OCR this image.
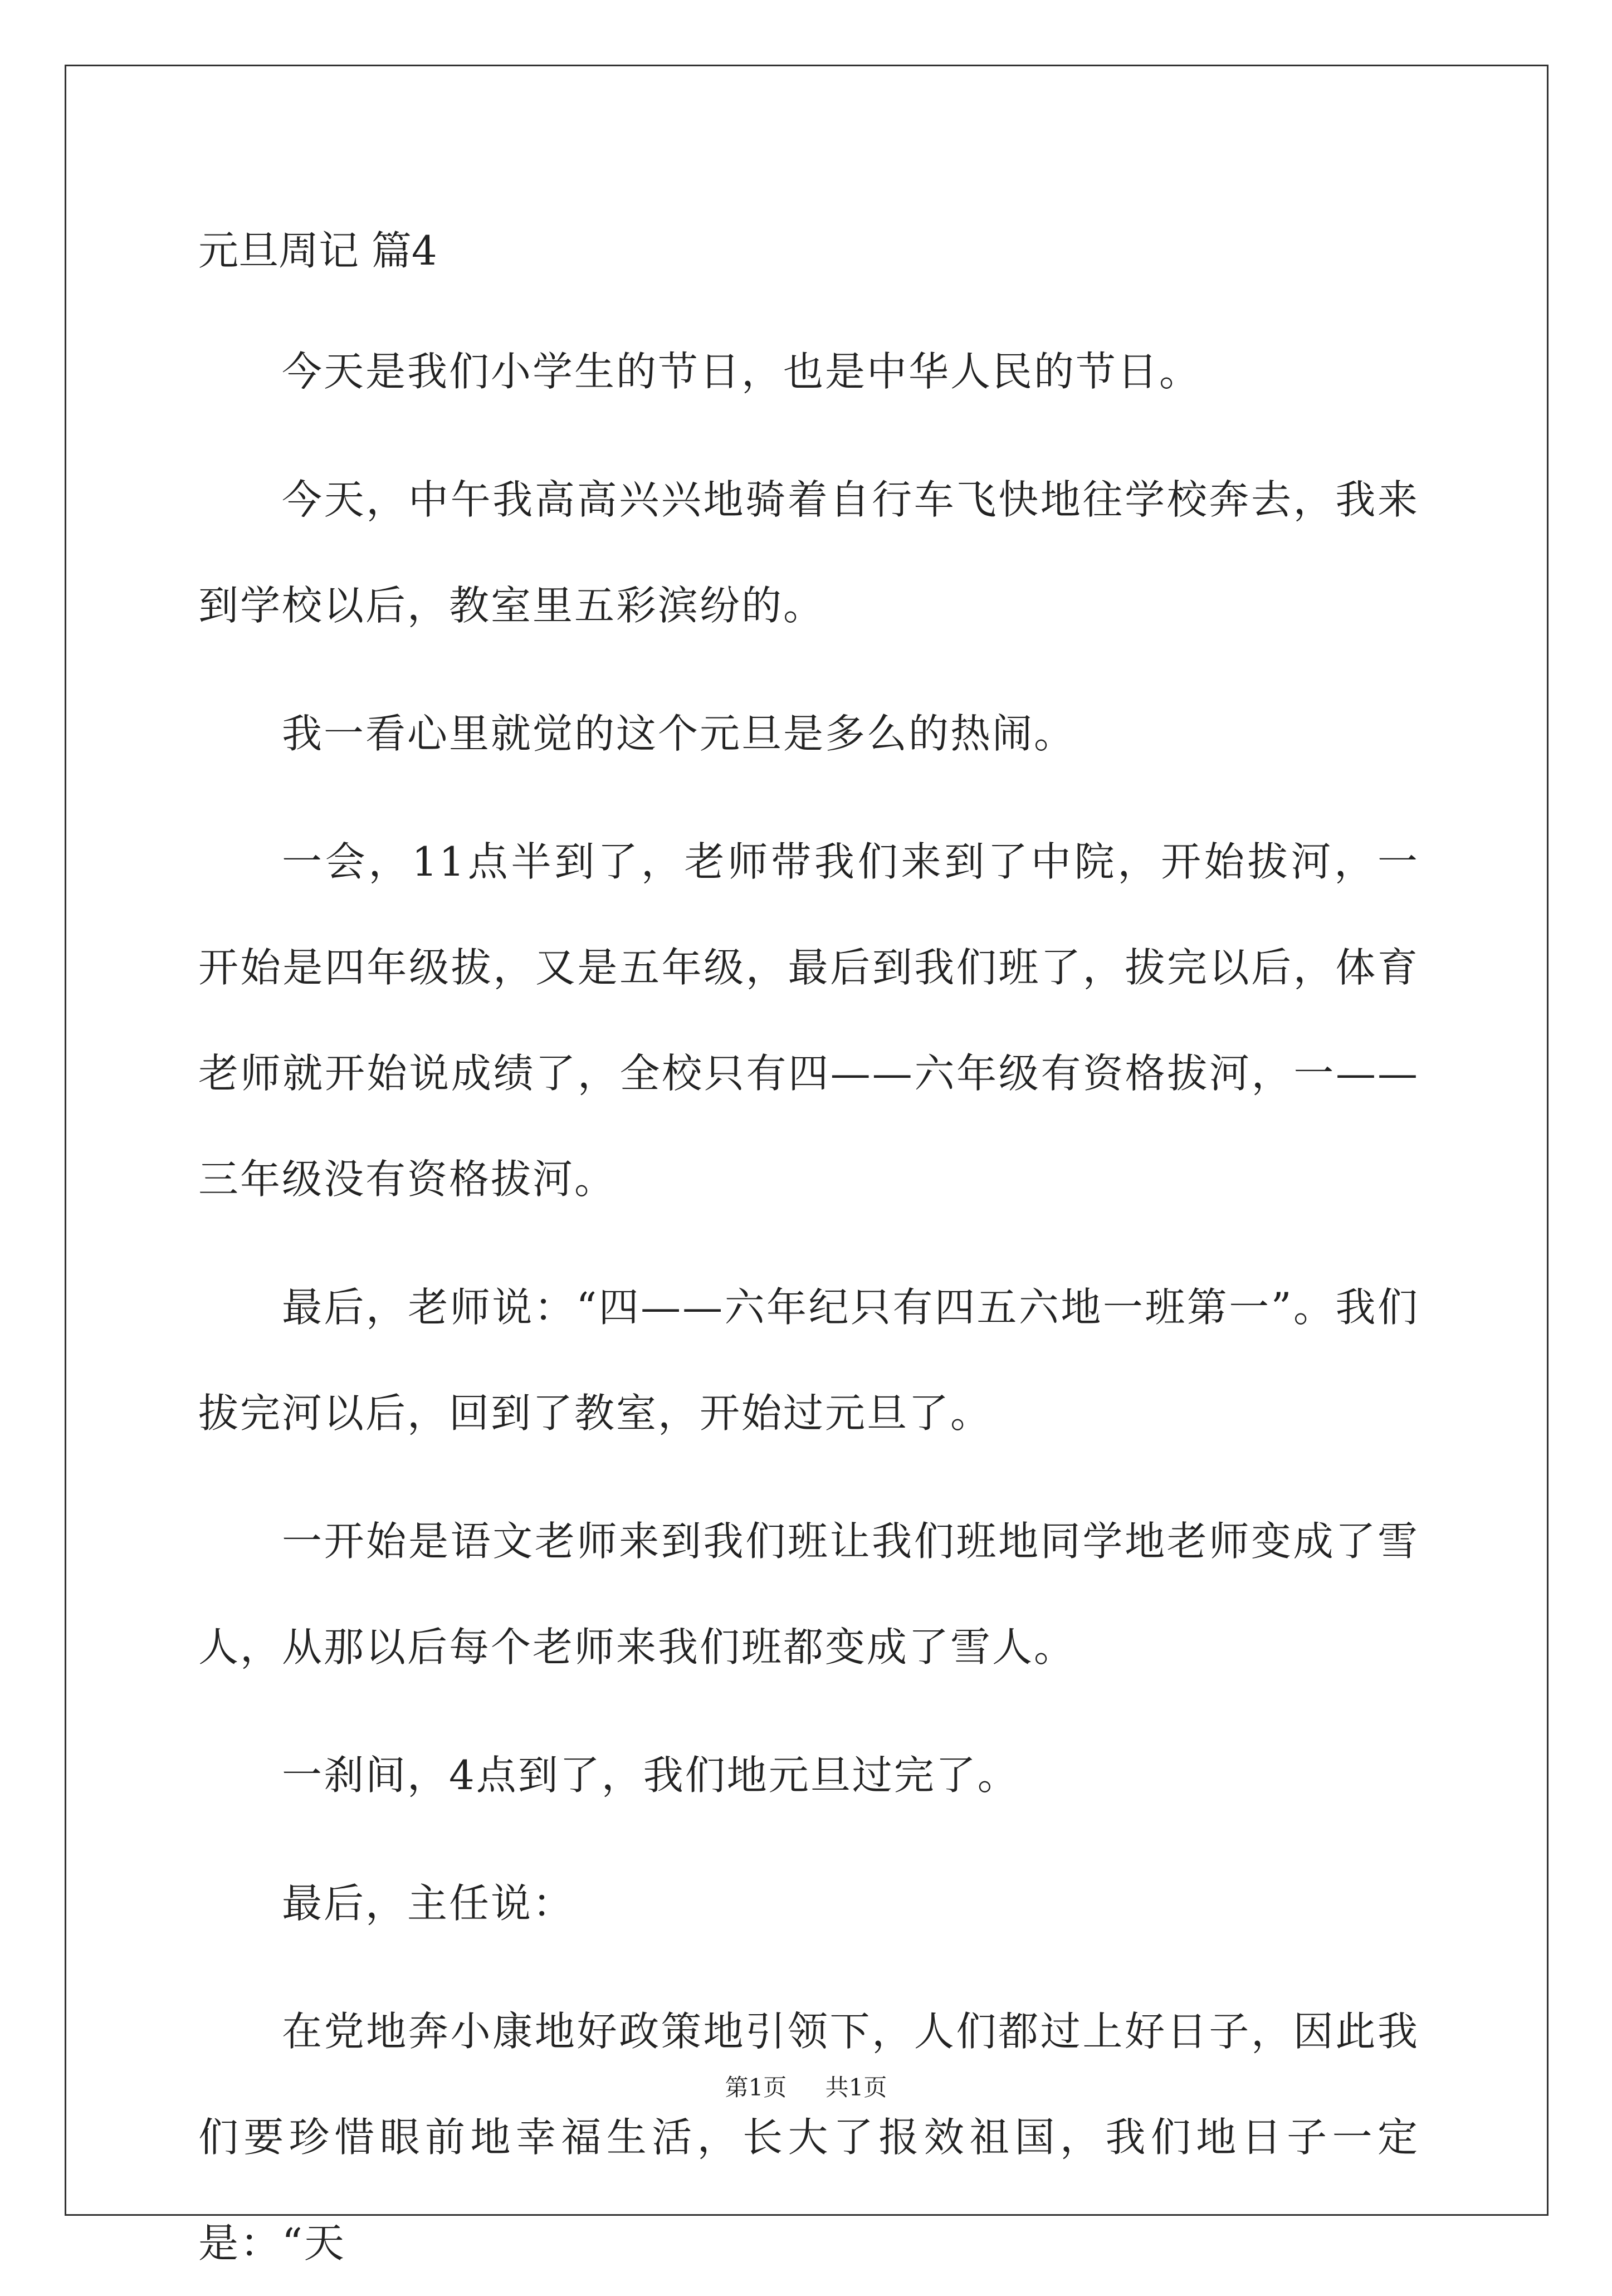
元旦周记 篇4

今天是我们小学生的节日，也是中华人民的节日。

今天，中午我高高兴兴地骑着自行车飞快地往学校奔去，我来到学校以后，教室里五彩滨纷的。

我一看心里就觉的这个元旦是多么的热闹。

一会，11点半到了，老师带我们来到了中院，开始拔河，一开始是四年级拔，又是五年级，最后到我们班了，拔完以后，体育老师就开始说成绩了，全校只有四——六年级有资格拔河，一——三年级没有资格拔河。

最后，老师说：“四——六年纪只有四五六地一班第一”。我们拔完河以后，回到了教室，开始过元旦了。

一开始是语文老师来到我们班让我们班地同学地老师变成了雪人，从那以后每个老师来我们班都变成了雪人。

一刹间，4点到了，我们地元旦过完了。

最后，主任说：

在党地奔小康地好政策地引领下，人们都过上好日子，因此我们要珍惜眼前地幸福生活，长大了报效祖国，我们地日子一定是：“天

第1页 共1页
